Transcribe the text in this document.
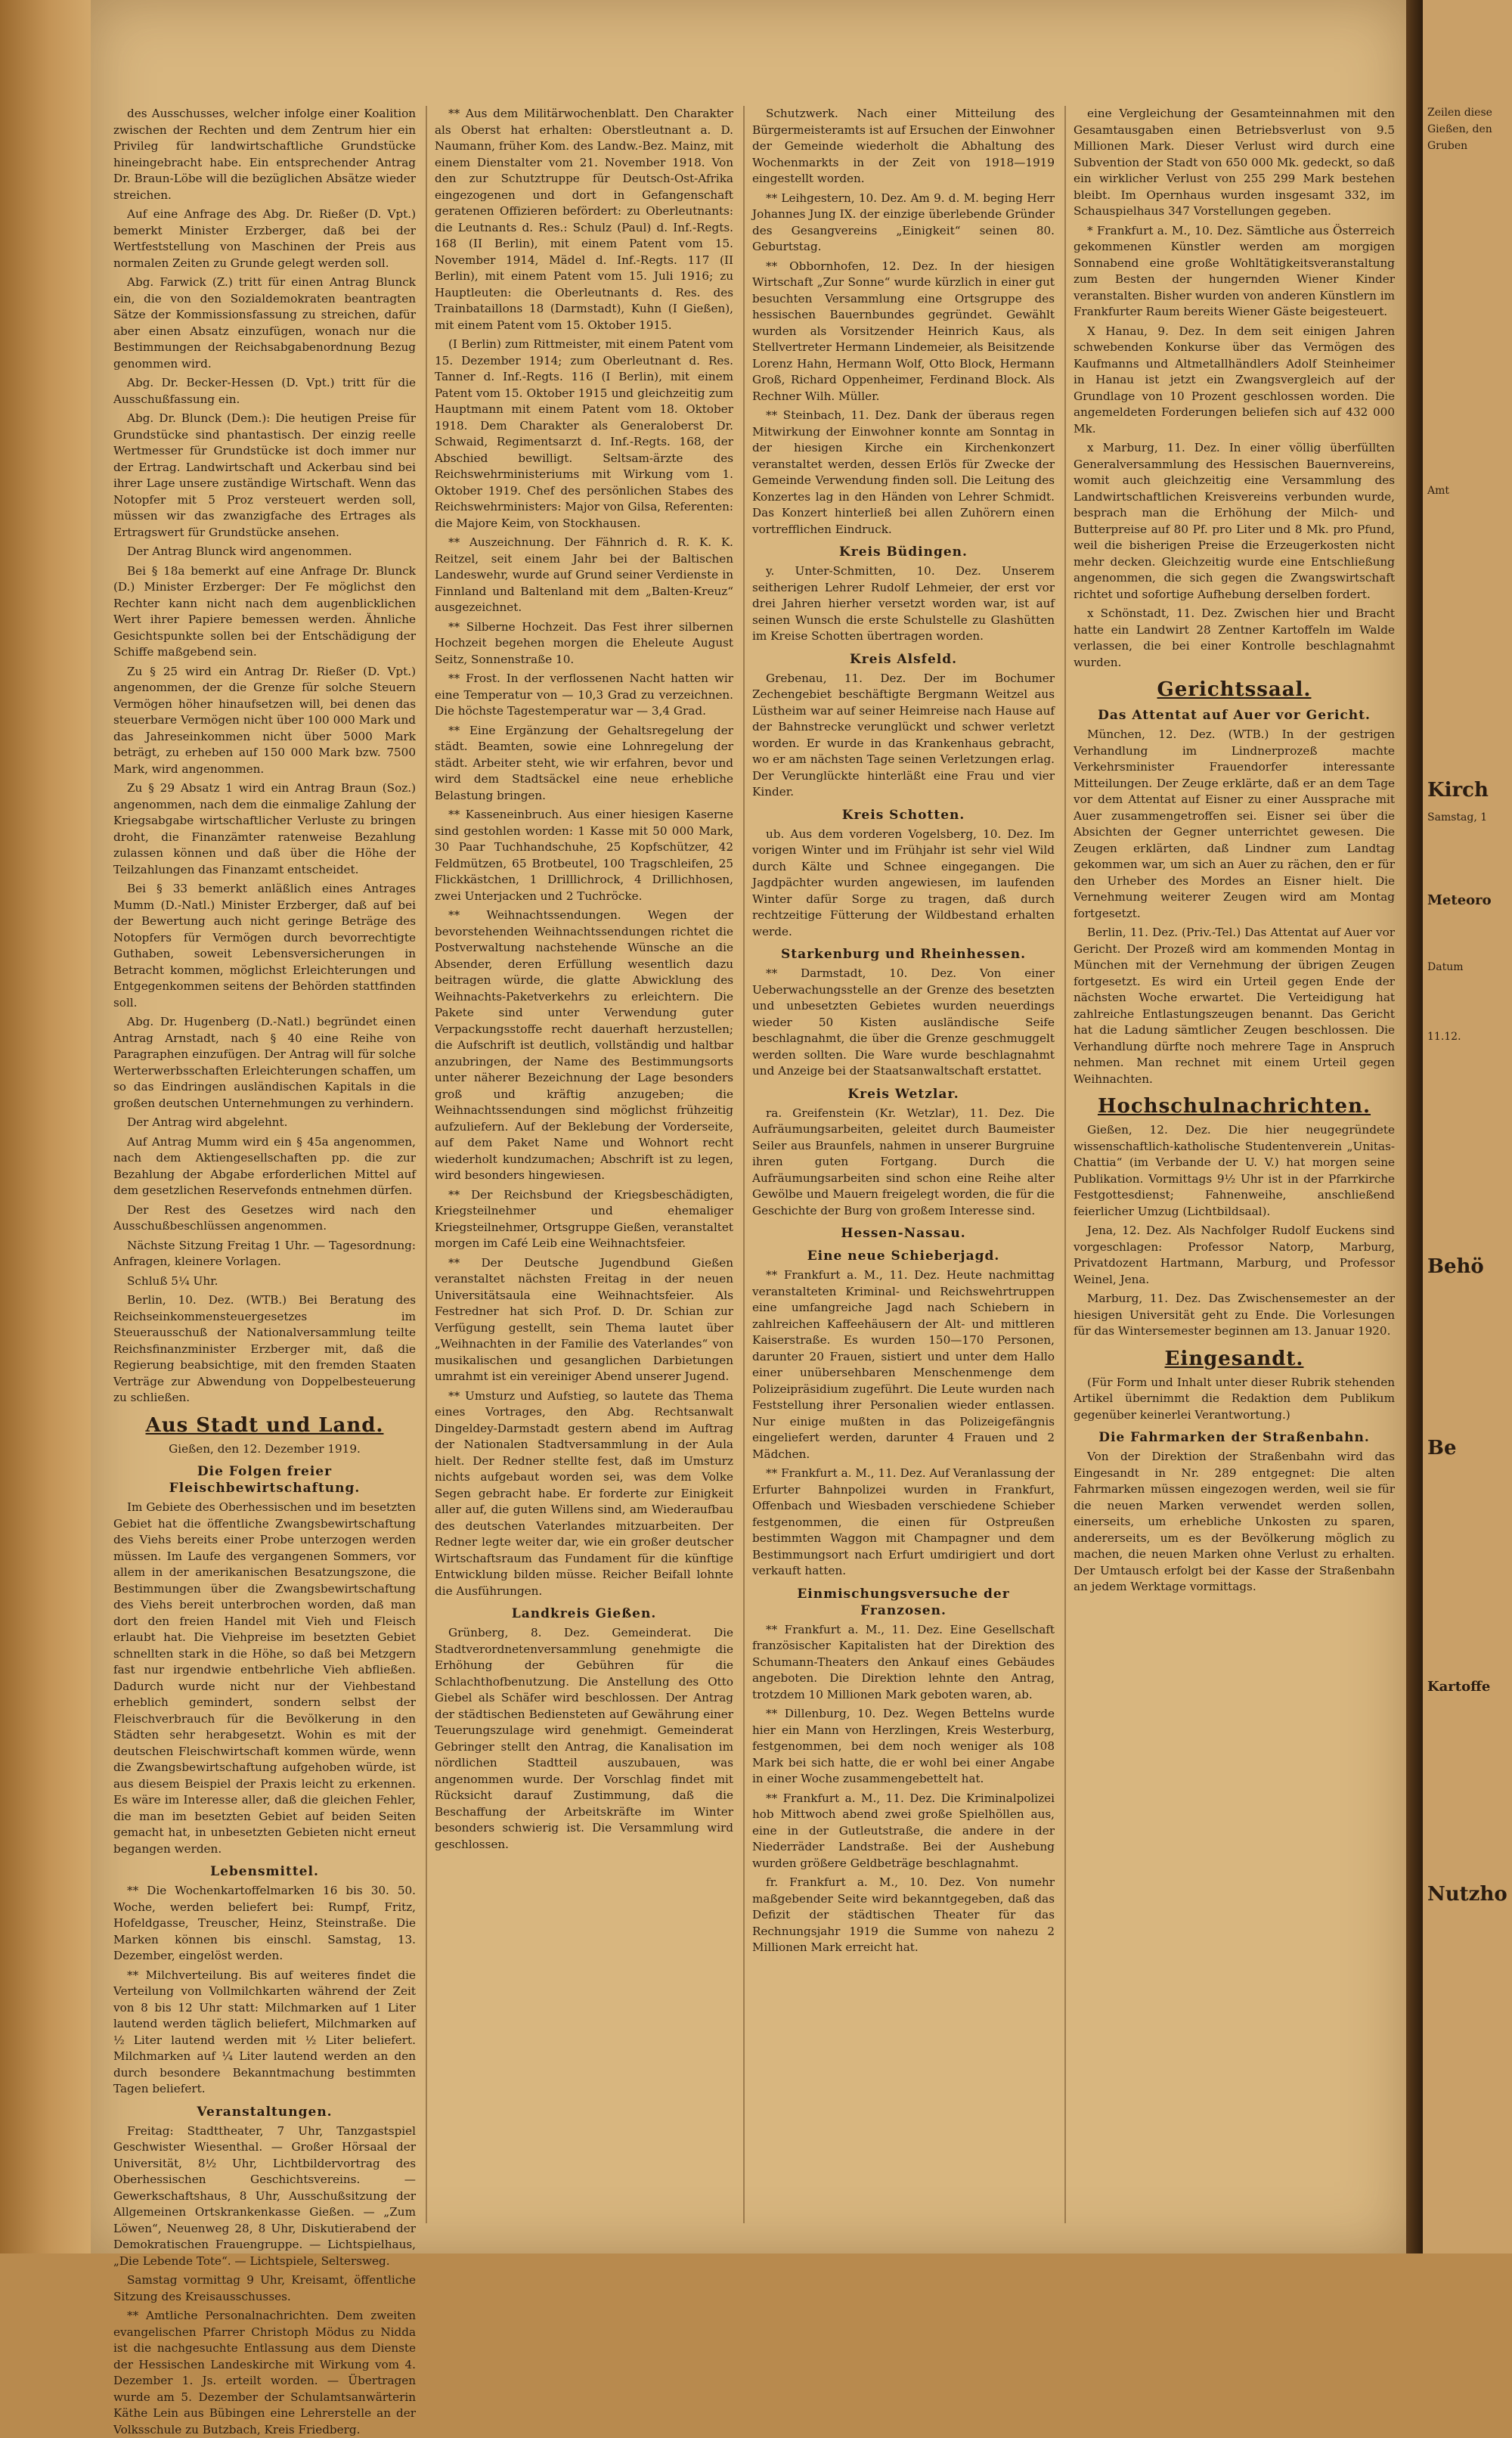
des Ausschusses, welcher infolge einer Koalition zwischen der Rechten und dem Zentrum hier ein Privileg für landwirtschaftliche Grundstücke hineingebracht habe. Ein entsprechender Antrag Dr. Braun-Löbe will die bezüglichen Absätze wieder streichen.

Auf eine Anfrage des Abg. Dr. Rießer (D. Vpt.) bemerkt Minister Erzberger, daß bei der Wertfeststellung von Maschinen der Preis aus normalen Zeiten zu Grunde gelegt werden soll.

Abg. Farwick (Z.) tritt für einen Antrag Blunck ein, die von den Sozialdemokraten beantragten Sätze der Kommissionsfassung zu streichen, dafür aber einen Absatz einzufügen, wonach nur die Bestimmungen der Reichsabgabenordnung Bezug genommen wird.

Abg. Dr. Becker-Hessen (D. Vpt.) tritt für die Ausschußfassung ein.

Abg. Dr. Blunck (Dem.): Die heutigen Preise für Grundstücke sind phantastisch. Der einzig reelle Wertmesser für Grundstücke ist doch immer nur der Ertrag. Landwirtschaft und Ackerbau sind bei ihrer Lage unsere zuständige Wirtschaft. Wenn das Notopfer mit 5 Proz versteuert werden soll, müssen wir das zwanzigfache des Ertrages als Ertragswert für Grundstücke ansehen.

Der Antrag Blunck wird angenommen.

Bei § 18a bemerkt auf eine Anfrage Dr. Blunck (D.) Minister Erzberger: Der Fe möglichst den Rechter kann nicht nach dem augenblicklichen Wert ihrer Papiere bemessen werden. Ähnliche Gesichtspunkte sollen bei der Entschädigung der Schiffe maßgebend sein.

Zu § 25 wird ein Antrag Dr. Rießer (D. Vpt.) angenommen, der die Grenze für solche Steuern Vermögen höher hinaufsetzen will, bei denen das steuerbare Vermögen nicht über 100 000 Mark und das Jahreseinkommen nicht über 5000 Mark beträgt, zu erheben auf 150 000 Mark bzw. 7500 Mark, wird angenommen.

Zu § 29 Absatz 1 wird ein Antrag Braun (Soz.) angenommen, nach dem die einmalige Zahlung der Kriegsabgabe wirtschaftlicher Verluste zu bringen droht, die Finanzämter ratenweise Bezahlung zulassen können und daß über die Höhe der Teilzahlungen das Finanzamt entscheidet.

Bei § 33 bemerkt anläßlich eines Antrages Mumm (D.-Natl.) Minister Erzberger, daß auf bei der Bewertung auch nicht geringe Beträge des Notopfers für Vermögen durch bevorrechtigte Guthaben, soweit Lebensversicherungen in Betracht kommen, möglichst Erleichterungen und Entgegenkommen seitens der Behörden stattfinden soll.

Abg. Dr. Hugenberg (D.-Natl.) begründet einen Antrag Arnstadt, nach § 40 eine Reihe von Paragraphen einzufügen. Der Antrag will für solche Werterwerbsschaften Erleichterungen schaffen, um so das Eindringen ausländischen Kapitals in die großen deutschen Unternehmungen zu verhindern.

Der Antrag wird abgelehnt.

Auf Antrag Mumm wird ein § 45a angenommen, nach dem Aktiengesellschaften pp. die zur Bezahlung der Abgabe erforderlichen Mittel auf dem gesetzlichen Reservefonds entnehmen dürfen.

Der Rest des Gesetzes wird nach den Ausschußbeschlüssen angenommen.

Nächste Sitzung Freitag 1 Uhr. — Tagesordnung: Anfragen, kleinere Vorlagen.

Schluß 5¼ Uhr.

Berlin, 10. Dez. (WTB.) Bei Beratung des Reichseinkommensteuergesetzes im Steuerausschuß der Nationalversammlung teilte Reichsfinanzminister Erzberger mit, daß die Regierung beabsichtige, mit den fremden Staaten Verträge zur Abwendung von Doppelbesteuerung zu schließen.

Aus Stadt und Land.

Gießen, den 12. Dezember 1919.

Die Folgen freier Fleischbewirtschaftung.

Im Gebiete des Oberhessischen und im besetzten Gebiet hat die öffentliche Zwangsbewirtschaftung des Viehs bereits einer Probe unterzogen werden müssen. Im Laufe des vergangenen Sommers, vor allem in der amerikanischen Besatzungszone, die Bestimmungen über die Zwangsbewirtschaftung des Viehs bereit unterbrochen worden, daß man dort den freien Handel mit Vieh und Fleisch erlaubt hat. Die Viehpreise im besetzten Gebiet schnellten stark in die Höhe, so daß bei Metzgern fast nur irgendwie entbehrliche Vieh abfließen. Dadurch wurde nicht nur der Viehbestand erheblich gemindert, sondern selbst der Fleischverbrauch für die Bevölkerung in den Städten sehr herabgesetzt. Wohin es mit der deutschen Fleischwirtschaft kommen würde, wenn die Zwangsbewirtschaftung aufgehoben würde, ist aus diesem Beispiel der Praxis leicht zu erkennen. Es wäre im Interesse aller, daß die gleichen Fehler, die man im besetzten Gebiet auf beiden Seiten gemacht hat, in unbesetzten Gebieten nicht erneut begangen werden.

Lebensmittel.

** Die Wochenkartoffelmarken 16 bis 30. 50. Woche, werden beliefert bei: Rumpf, Fritz, Hofeldgasse, Treuscher, Heinz, Steinstraße. Die Marken können bis einschl. Samstag, 13. Dezember, eingelöst werden.

** Milchverteilung. Bis auf weiteres findet die Verteilung von Vollmilchkarten während der Zeit von 8 bis 12 Uhr statt: Milchmarken auf 1 Liter lautend werden täglich beliefert, Milchmarken auf ½ Liter lautend werden mit ½ Liter beliefert. Milchmarken auf ¼ Liter lautend werden an den durch besondere Bekanntmachung bestimmten Tagen beliefert.

Veranstaltungen.

Freitag: Stadttheater, 7 Uhr, Tanzgastspiel Geschwister Wiesenthal. — Großer Hörsaal der Universität, 8½ Uhr, Lichtbildervortrag des Oberhessischen Geschichtsvereins. — Gewerkschaftshaus, 8 Uhr, Ausschußsitzung der Allgemeinen Ortskrankenkasse Gießen. — „Zum Löwen“, Neuenweg 28, 8 Uhr, Diskutierabend der Demokratischen Frauengruppe. — Lichtspielhaus, „Die Lebende Tote“. — Lichtspiele, Seltersweg.

Samstag vormittag 9 Uhr, Kreisamt, öffentliche Sitzung des Kreisausschusses.

** Amtliche Personalnachrichten. Dem zweiten evangelischen Pfarrer Christoph Mödus zu Nidda ist die nachgesuchte Entlassung aus dem Dienste der Hessischen Landeskirche mit Wirkung vom 4. Dezember 1. Js. erteilt worden. — Übertragen wurde am 5. Dezember der Schulamtsanwärterin Käthe Lein aus Bübingen eine Lehrerstelle an der Volksschule zu Butzbach, Kreis Friedberg.

** Aus dem Militärwochenblatt. Den Charakter als Oberst hat erhalten: Oberstleutnant a. D. Naumann, früher Kom. des Landw.-Bez. Mainz, mit einem Dienstalter vom 21. November 1918. Von den zur Schutztruppe für Deutsch-Ost-Afrika eingezogenen und dort in Gefangenschaft geratenen Offizieren befördert: zu Oberleutnants: die Leutnants d. Res.: Schulz (Paul) d. Inf.-Regts. 168 (II Berlin), mit einem Patent vom 15. November 1914, Mädel d. Inf.-Regts. 117 (II Berlin), mit einem Patent vom 15. Juli 1916; zu Hauptleuten: die Oberleutnants d. Res. des Trainbataillons 18 (Darmstadt), Kuhn (I Gießen), mit einem Patent vom 15. Oktober 1915.

(I Berlin) zum Rittmeister, mit einem Patent vom 15. Dezember 1914; zum Oberleutnant d. Res. Tanner d. Inf.-Regts. 116 (I Berlin), mit einem Patent vom 15. Oktober 1915 und gleichzeitig zum Hauptmann mit einem Patent vom 18. Oktober 1918. Dem Charakter als Generaloberst Dr. Schwaid, Regimentsarzt d. Inf.-Regts. 168, der Abschied bewilligt. Seltsam-ärzte des Reichswehrministeriums mit Wirkung vom 1. Oktober 1919. Chef des persönlichen Stabes des Reichswehrministers: Major von Gilsa, Referenten: die Majore Keim, von Stockhausen.

** Auszeichnung. Der Fähnrich d. R. K. K. Reitzel, seit einem Jahr bei der Baltischen Landeswehr, wurde auf Grund seiner Verdienste in Finnland und Baltenland mit dem „Balten-Kreuz“ ausgezeichnet.

** Silberne Hochzeit. Das Fest ihrer silbernen Hochzeit begehen morgen die Eheleute August Seitz, Sonnenstraße 10.

** Frost. In der verflossenen Nacht hatten wir eine Temperatur von — 10,3 Grad zu verzeichnen. Die höchste Tagestemperatur war — 3,4 Grad.

** Eine Ergänzung der Gehaltsregelung der städt. Beamten, sowie eine Lohnregelung der städt. Arbeiter steht, wie wir erfahren, bevor und wird dem Stadtsäckel eine neue erhebliche Belastung bringen.

** Kasseneinbruch. Aus einer hiesigen Kaserne sind gestohlen worden: 1 Kasse mit 50 000 Mark, 30 Paar Tuchhandschuhe, 25 Kopfschützer, 42 Feldmützen, 65 Brotbeutel, 100 Tragschleifen, 25 Flickkästchen, 1 Drilllichrock, 4 Drillichhosen, zwei Unterjacken und 2 Tuchröcke.

** Weihnachtssendungen. Wegen der bevorstehenden Weihnachtssendungen richtet die Postverwaltung nachstehende Wünsche an die Absender, deren Erfüllung wesentlich dazu beitragen würde, die glatte Abwicklung des Weihnachts-Paketverkehrs zu erleichtern. Die Pakete sind unter Verwendung guter Verpackungsstoffe recht dauerhaft herzustellen; die Aufschrift ist deutlich, vollständig und haltbar anzubringen, der Name des Bestimmungsorts unter näherer Bezeichnung der Lage besonders groß und kräftig anzugeben; die Weihnachtssendungen sind möglichst frühzeitig aufzuliefern. Auf der Beklebung der Vorderseite, auf dem Paket Name und Wohnort recht wiederholt kundzumachen; Abschrift ist zu legen, wird besonders hingewiesen.

** Der Reichsbund der Kriegsbeschädigten, Kriegsteilnehmer und ehemaliger Kriegsteilnehmer, Ortsgruppe Gießen, veranstaltet morgen im Café Leib eine Weihnachtsfeier.

** Der Deutsche Jugendbund Gießen veranstaltet nächsten Freitag in der neuen Universitätsaula eine Weihnachtsfeier. Als Festredner hat sich Prof. D. Dr. Schian zur Verfügung gestellt, sein Thema lautet über „Weihnachten in der Familie des Vaterlandes“ von musikalischen und gesanglichen Darbietungen umrahmt ist ein vereiniger Abend unserer Jugend.

** Umsturz und Aufstieg, so lautete das Thema eines Vortrages, den Abg. Rechtsanwalt Dingeldey-Darmstadt gestern abend im Auftrag der Nationalen Stadtversammlung in der Aula hielt. Der Redner stellte fest, daß im Umsturz nichts aufgebaut worden sei, was dem Volke Segen gebracht habe. Er forderte zur Einigkeit aller auf, die guten Willens sind, am Wiederaufbau des deutschen Vaterlandes mitzuarbeiten. Der Redner legte weiter dar, wie ein großer deutscher Wirtschaftsraum das Fundament für die künftige Entwicklung bilden müsse. Reicher Beifall lohnte die Ausführungen.

Landkreis Gießen.

Grünberg, 8. Dez. Gemeinderat. Die Stadtverordnetenversammlung genehmigte die Erhöhung der Gebühren für die Schlachthofbenutzung. Die Anstellung des Otto Giebel als Schäfer wird beschlossen. Der Antrag der städtischen Bediensteten auf Gewährung einer Teuerungszulage wird genehmigt. Gemeinderat Gebringer stellt den Antrag, die Kanalisation im nördlichen Stadtteil auszubauen, was angenommen wurde. Der Vorschlag findet mit Rücksicht darauf Zustimmung, daß die Beschaffung der Arbeitskräfte im Winter besonders schwierig ist. Die Versammlung wird geschlossen.

Schutzwerk. Nach einer Mitteilung des Bürgermeisteramts ist auf Ersuchen der Einwohner der Gemeinde wiederholt die Abhaltung des Wochenmarkts in der Zeit von 1918—1919 eingestellt worden.

** Leihgestern, 10. Dez. Am 9. d. M. beging Herr Johannes Jung IX. der einzige überlebende Gründer des Gesangvereins „Einigkeit“ seinen 80. Geburtstag.

** Obbornhofen, 12. Dez. In der hiesigen Wirtschaft „Zur Sonne“ wurde kürzlich in einer gut besuchten Versammlung eine Ortsgruppe des hessischen Bauernbundes gegründet. Gewählt wurden als Vorsitzender Heinrich Kaus, als Stellvertreter Hermann Lindemeier, als Beisitzende Lorenz Hahn, Hermann Wolf, Otto Block, Hermann Groß, Richard Oppenheimer, Ferdinand Block. Als Rechner Wilh. Müller.

** Steinbach, 11. Dez. Dank der überaus regen Mitwirkung der Einwohner konnte am Sonntag in der hiesigen Kirche ein Kirchenkonzert veranstaltet werden, dessen Erlös für Zwecke der Gemeinde Verwendung finden soll. Die Leitung des Konzertes lag in den Händen von Lehrer Schmidt. Das Konzert hinterließ bei allen Zuhörern einen vortrefflichen Eindruck.

Kreis Büdingen.

y. Unter-Schmitten, 10. Dez. Unserem seitherigen Lehrer Rudolf Lehmeier, der erst vor drei Jahren hierher versetzt worden war, ist auf seinen Wunsch die erste Schulstelle zu Glashütten im Kreise Schotten übertragen worden.

Kreis Alsfeld.

Grebenau, 11. Dez. Der im Bochumer Zechengebiet beschäftigte Bergmann Weitzel aus Lüstheim war auf seiner Heimreise nach Hause auf der Bahnstrecke verunglückt und schwer verletzt worden. Er wurde in das Krankenhaus gebracht, wo er am nächsten Tage seinen Verletzungen erlag. Der Verunglückte hinterläßt eine Frau und vier Kinder.

Kreis Schotten.

ub. Aus dem vorderen Vogelsberg, 10. Dez. Im vorigen Winter und im Frühjahr ist sehr viel Wild durch Kälte und Schnee eingegangen. Die Jagdpächter wurden angewiesen, im laufenden Winter dafür Sorge zu tragen, daß durch rechtzeitige Fütterung der Wildbestand erhalten werde.

Starkenburg und Rheinhessen.

** Darmstadt, 10. Dez. Von einer Ueberwachungsstelle an der Grenze des besetzten und unbesetzten Gebietes wurden neuerdings wieder 50 Kisten ausländische Seife beschlagnahmt, die über die Grenze geschmuggelt werden sollten. Die Ware wurde beschlagnahmt und Anzeige bei der Staatsanwaltschaft erstattet.

Kreis Wetzlar.

ra. Greifenstein (Kr. Wetzlar), 11. Dez. Die Aufräumungsarbeiten, geleitet durch Baumeister Seiler aus Braunfels, nahmen in unserer Burgruine ihren guten Fortgang. Durch die Aufräumungsarbeiten sind schon eine Reihe alter Gewölbe und Mauern freigelegt worden, die für die Geschichte der Burg von großem Interesse sind.

Hessen-Nassau.
Eine neue Schieberjagd.

** Frankfurt a. M., 11. Dez. Heute nachmittag veranstalteten Kriminal- und Reichswehrtruppen eine umfangreiche Jagd nach Schiebern in zahlreichen Kaffeehäusern der Alt- und mittleren Kaiserstraße. Es wurden 150—170 Personen, darunter 20 Frauen, sistiert und unter dem Hallo einer unübersehbaren Menschenmenge dem Polizeipräsidium zugeführt. Die Leute wurden nach Feststellung ihrer Personalien wieder entlassen. Nur einige mußten in das Polizeigefängnis eingeliefert werden, darunter 4 Frauen und 2 Mädchen.

** Frankfurt a. M., 11. Dez. Auf Veranlassung der Erfurter Bahnpolizei wurden in Frankfurt, Offenbach und Wiesbaden verschiedene Schieber festgenommen, die einen für Ostpreußen bestimmten Waggon mit Champagner und dem Bestimmungsort nach Erfurt umdirigiert und dort verkauft hatten.

Einmischungsversuche der Franzosen.

** Frankfurt a. M., 11. Dez. Eine Gesellschaft französischer Kapitalisten hat der Direktion des Schumann-Theaters den Ankauf eines Gebäudes angeboten. Die Direktion lehnte den Antrag, trotzdem 10 Millionen Mark geboten waren, ab.

** Dillenburg, 10. Dez. Wegen Bettelns wurde hier ein Mann von Herzlingen, Kreis Westerburg, festgenommen, bei dem noch weniger als 108 Mark bei sich hatte, die er wohl bei einer Angabe in einer Woche zusammengebettelt hat.

** Frankfurt a. M., 11. Dez. Die Kriminalpolizei hob Mittwoch abend zwei große Spielhöllen aus, eine in der Gutleutstraße, die andere in der Niederräder Landstraße. Bei der Aushebung wurden größere Geldbeträge beschlagnahmt.

fr. Frankfurt a. M., 10. Dez. Von numehr maßgebender Seite wird bekanntgegeben, daß das Defizit der städtischen Theater für das Rechnungsjahr 1919 die Summe von nahezu 2 Millionen Mark erreicht hat.

eine Vergleichung der Gesamteinnahmen mit den Gesamtausgaben einen Betriebsverlust von 9.5 Millionen Mark. Dieser Verlust wird durch eine Subvention der Stadt von 650 000 Mk. gedeckt, so daß ein wirklicher Verlust von 255 299 Mark bestehen bleibt. Im Opernhaus wurden insgesamt 332, im Schauspielhaus 347 Vorstellungen gegeben.

* Frankfurt a. M., 10. Dez. Sämtliche aus Österreich gekommenen Künstler werden am morgigen Sonnabend eine große Wohltätigkeitsveranstaltung zum Besten der hungernden Wiener Kinder veranstalten. Bisher wurden von anderen Künstlern im Frankfurter Raum bereits Wiener Gäste beigesteuert.

X Hanau, 9. Dez. In dem seit einigen Jahren schwebenden Konkurse über das Vermögen des Kaufmanns und Altmetallhändlers Adolf Steinheimer in Hanau ist jetzt ein Zwangsvergleich auf der Grundlage von 10 Prozent geschlossen worden. Die angemeldeten Forderungen beliefen sich auf 432 000 Mk.

x Marburg, 11. Dez. In einer völlig überfüllten Generalversammlung des Hessischen Bauernvereins, womit auch gleichzeitig eine Versammlung des Landwirtschaftlichen Kreisvereins verbunden wurde, besprach man die Erhöhung der Milch- und Butterpreise auf 80 Pf. pro Liter und 8 Mk. pro Pfund, weil die bisherigen Preise die Erzeugerkosten nicht mehr decken. Gleichzeitig wurde eine Entschließung angenommen, die sich gegen die Zwangswirtschaft richtet und sofortige Aufhebung derselben fordert.

x Schönstadt, 11. Dez. Zwischen hier und Bracht hatte ein Landwirt 28 Zentner Kartoffeln im Walde verlassen, die bei einer Kontrolle beschlagnahmt wurden.

Gerichtssaal.
Das Attentat auf Auer vor Gericht.

München, 12. Dez. (WTB.) In der gestrigen Verhandlung im Lindnerprozeß machte Verkehrsminister Frauendorfer interessante Mitteilungen. Der Zeuge erklärte, daß er an dem Tage vor dem Attentat auf Eisner zu einer Aussprache mit Auer zusammengetroffen sei. Eisner sei über die Absichten der Gegner unterrichtet gewesen. Die Zeugen erklärten, daß Lindner zum Landtag gekommen war, um sich an Auer zu rächen, den er für den Urheber des Mordes an Eisner hielt. Die Vernehmung weiterer Zeugen wird am Montag fortgesetzt.

Berlin, 11. Dez. (Priv.-Tel.) Das Attentat auf Auer vor Gericht. Der Prozeß wird am kommenden Montag in München mit der Vernehmung der übrigen Zeugen fortgesetzt. Es wird ein Urteil gegen Ende der nächsten Woche erwartet. Die Verteidigung hat zahlreiche Entlastungszeugen benannt. Das Gericht hat die Ladung sämtlicher Zeugen beschlossen. Die Verhandlung dürfte noch mehrere Tage in Anspruch nehmen. Man rechnet mit einem Urteil gegen Weihnachten.

Hochschulnachrichten.

Gießen, 12. Dez. Die hier neugegründete wissenschaftlich-katholische Studentenverein „Unitas-Chattia“ (im Verbande der U. V.) hat morgen seine Publikation. Vormittags 9½ Uhr ist in der Pfarrkirche Festgottesdienst; Fahnenweihe, anschließend feierlicher Umzug (Lichtbildsaal).

Jena, 12. Dez. Als Nachfolger Rudolf Euckens sind vorgeschlagen: Professor Natorp, Marburg, Privatdozent Hartmann, Marburg, und Professor Weinel, Jena.

Marburg, 11. Dez. Das Zwischensemester an der hiesigen Universität geht zu Ende. Die Vorlesungen für das Wintersemester beginnen am 13. Januar 1920.

Eingesandt.

(Für Form und Inhalt unter dieser Rubrik stehenden Artikel übernimmt die Redaktion dem Publikum gegenüber keinerlei Verantwortung.)

Die Fahrmarken der Straßenbahn.

Von der Direktion der Straßenbahn wird das Eingesandt in Nr. 289 entgegnet: Die alten Fahrmarken müssen eingezogen werden, weil sie für die neuen Marken verwendet werden sollen, einerseits, um erhebliche Unkosten zu sparen, andererseits, um es der Bevölkerung möglich zu machen, die neuen Marken ohne Verlust zu erhalten. Der Umtausch erfolgt bei der Kasse der Straßenbahn an jedem Werktage vormittags.

Zeilen diese
Gießen, den
Gruben
Amt
Kirch
Samstag, 1
Meteoro
Datum
11.12.
Behö
Be
Kartoffe
Nutzho
